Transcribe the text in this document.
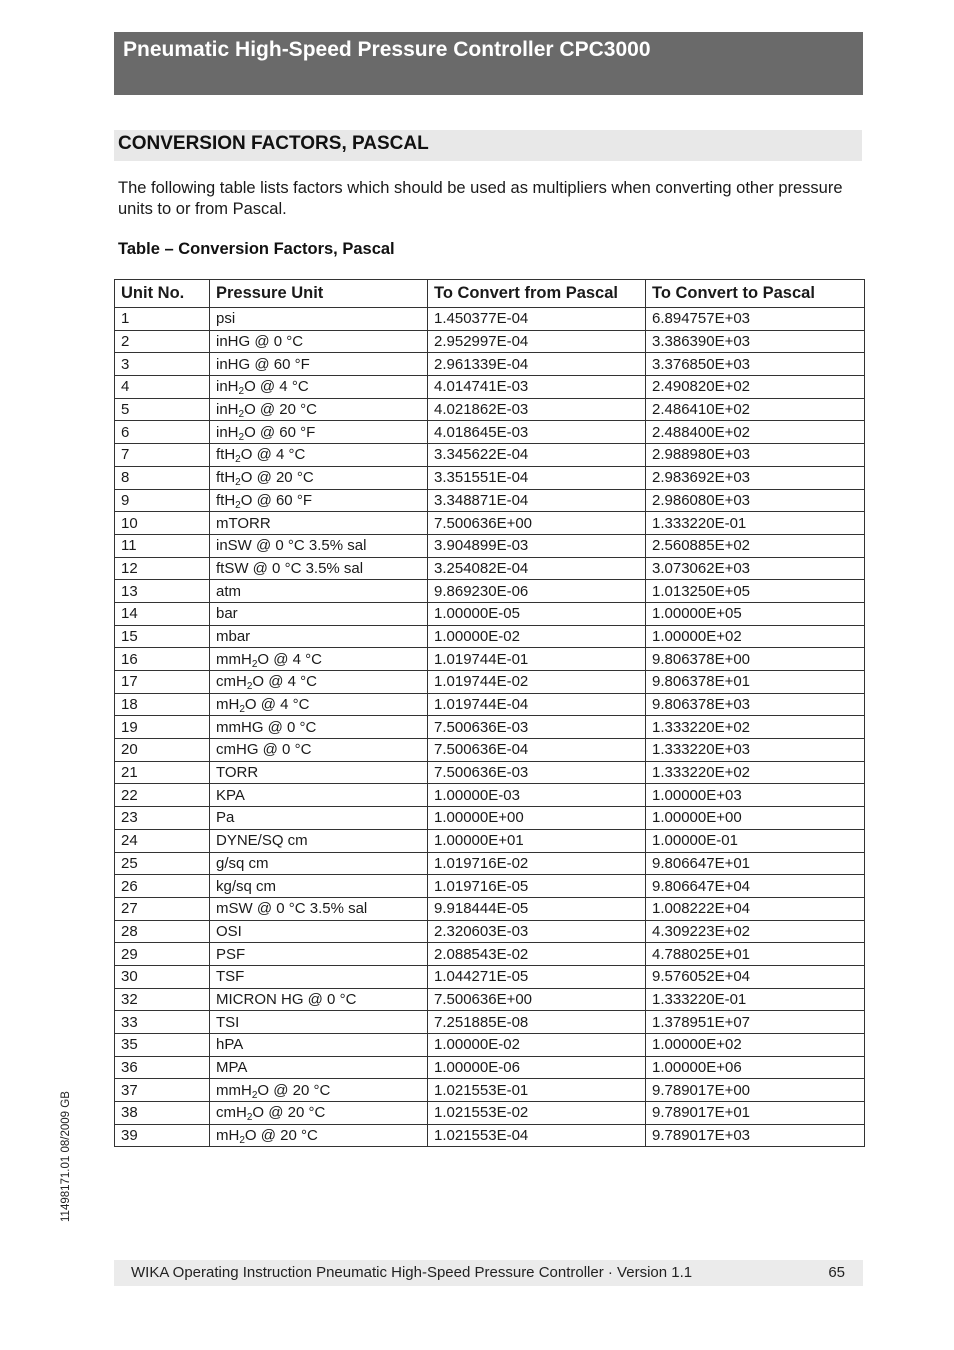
Pneumatic High-Speed Pressure Controller CPC3000
CONVERSION FACTORS, PASCAL
The following table lists factors which should be used as multipliers when converting other pressure units to or from Pascal.
Table – Conversion Factors, Pascal
Unit No.	Pressure Unit	To Convert from Pascal	To Convert to Pascal
1	psi	1.450377E-04	6.894757E+03
2	inHG @ 0 °C	2.952997E-04	3.386390E+03
3	inHG @ 60 °F	2.961339E-04	3.376850E+03
4	inH$_2$O @ 4 °C	4.014741E-03	2.490820E+02
5	inH$_2$O @ 20 °C	4.021862E-03	2.486410E+02
6	inH$_2$O @ 60 °F	4.018645E-03	2.488400E+02
7	ftH$_2$O @ 4 °C	3.345622E-04	2.988980E+03
8	ftH$_2$O @ 20 °C	3.351551E-04	2.983692E+03
9	ftH$_2$O @ 60 °F	3.348871E-04	2.986080E+03
10	mTORR	7.500636E+00	1.333220E-01
11	inSW @ 0 °C 3.5% sal	3.904899E-03	2.560885E+02
12	ftSW @ 0 °C 3.5% sal	3.254082E-04	3.073062E+03
13	atm	9.869230E-06	1.013250E+05
14	bar	1.00000E-05	1.00000E+05
15	mbar	1.00000E-02	1.00000E+02
16	mmH$_2$O @ 4 °C	1.019744E-01	9.806378E+00
17	cmH$_2$O @ 4 °C	1.019744E-02	9.806378E+01
18	$mH_2O$ @ 4 °C	1.019744E-04	9.806378E+03
19	mmHG @ 0 °C	7.500636E-03	1.333220E+02
20	cmHG @ 0 °C	7.500636E-04	1.333220E+03
21	TORR	7.500636E-03	1.333220E+02
22	KPA	1.00000E-03	1.00000E+03
23	Pa	1.00000E+00	1.00000E+00
24	DYNE/SQ cm	1.00000E+01	1.00000E-01
25	g/sq cm	1.019716E-02	9.806647E+01
26	kg/sq cm	1.019716E-05	9.806647E+04
27	mSW @ 0 °C 3.5% sal	9.918444E-05	1.008222E+04
28	OSI	2.320603E-03	4.309223E+02
29	PSF	2.088543E-02	4.788025E+01
30	TSF	1.044271E-05	9.576052E+04
32	MICRON HG @ 0 °C	7.500636E+00	1.333220E-01
33	TSI	7.251885E-08	1.378951E+07
35	hPA	1.00000E-02	1.00000E+02
36	MPA	1.00000E-06	1.00000E+06
37	mmH$_2$O @ 20 °C	1.021553E-01	9.789017E+00
38	cmH$_2$O @ 20 °C	1.021553E-02	9.789017E+01
39	$mH_2O$ @ 20 °C	1.021553E-04	9.789017E+03
11498171.01 08/2009 GB
WIKA Operating Instruction Pneumatic High-Speed Pressure Controller · Version 1.1	65
